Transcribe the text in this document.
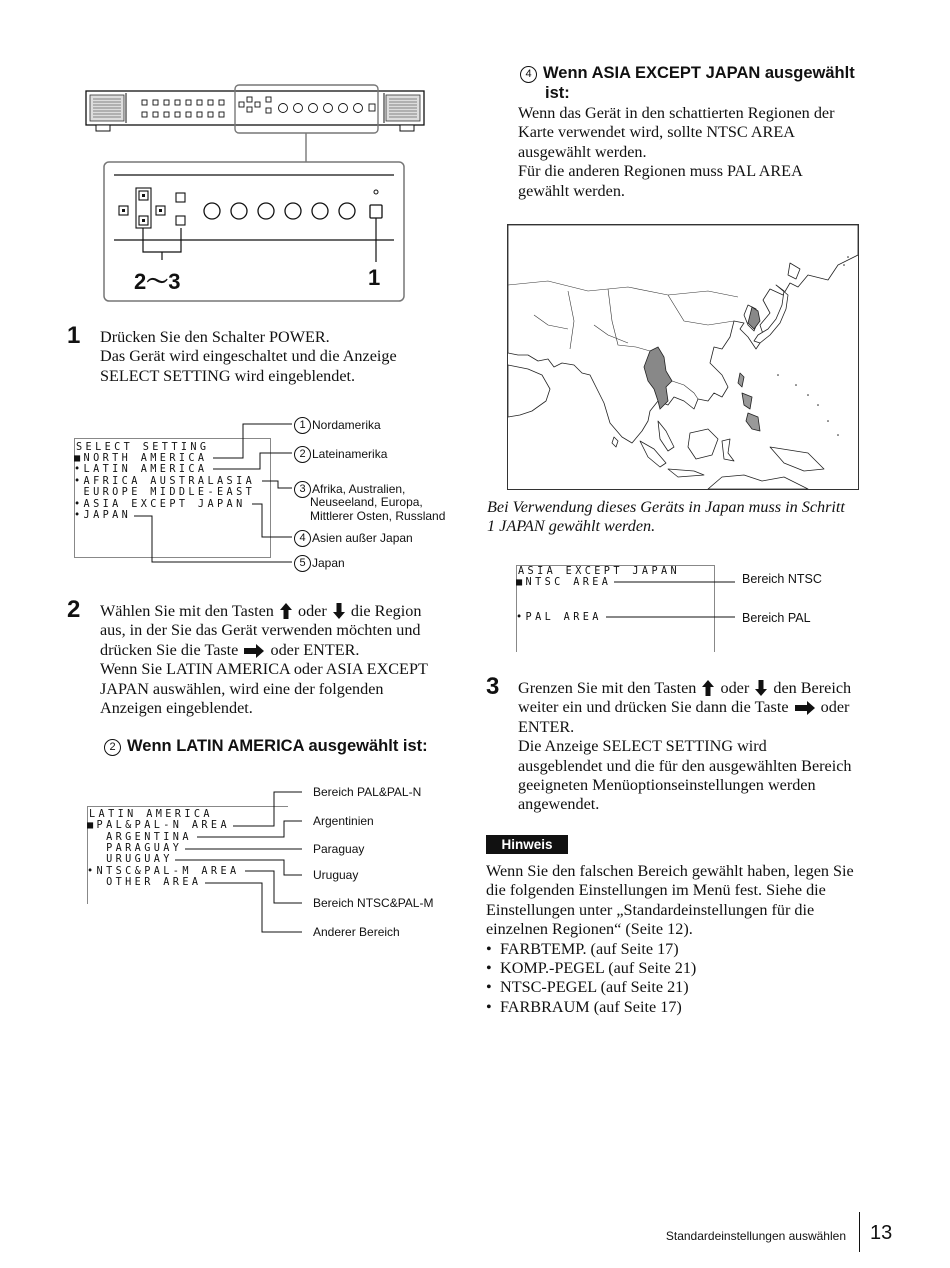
2～3	1
1 Drücken Sie den Schalter POWER.

Das Gerät wird eingeschaltet und die Anzeige

SELECT SETTING wird eingeblendet.

SELECT SETTING
■NORTH AMERICA
•LATIN AMERICA
•AFRICA AUSTRALASIA
EUROPE MIDDLE-EAST
•ASIA EXCEPT JAPAN
•JAPAN
1 Nordamerika
2 Lateinamerika
3 Afrika, Australien,
Neuseeland, Europa,
Mittlerer Osten, Russland
4 Asien außer Japan
5 Japan
2 Wählen Sie mit den Tasten oder die Region

aus, in der Sie das Gerät verwenden möchten und

drücken Sie die Taste oder ENTER.

Wenn Sie LATIN AMERICA oder ASIA EXCEPT

JAPAN auswählen, wird eine der folgenden

Anzeigen eingeblendet.

2 Wenn LATIN AMERICA ausgewählt ist:
LATIN AMERICA
■PAL&PAL-N AREA
ARGENTINA
PARAGUAY
URUGUAY
•NTSC&PAL-M AREA
OTHER AREA
Bereich PAL&PAL-N
Argentinien
Paraguay
Uruguay
Bereich NTSC&PAL-M
Anderer Bereich
4 Wenn ASIA EXCEPT JAPAN ausgewählt
ist:

Wenn das Gerät in den schattierten Regionen der

Karte verwendet wird, sollte NTSC AREA

ausgewählt werden.

Für die anderen Regionen muss PAL AREA

gewählt werden.

Bei Verwendung dieses Geräts in Japan muss in Schritt

1 JAPAN gewählt werden.

ASIA EXCEPT JAPAN
■NTSC AREA
•PAL AREA
Bereich NTSC
Bereich PAL
3 Grenzen Sie mit den Tasten oder den Bereich

weiter ein und drücken Sie dann die Taste oder

ENTER.

Die Anzeige SELECT SETTING wird

ausgeblendet und die für den ausgewählten Bereich

geeigneten Menüoptionseinstellungen werden

angewendet.

Hinweis

Wenn Sie den falschen Bereich gewählt haben, legen Sie

die folgenden Einstellungen im Menü fest. Siehe die

Einstellungen unter „Standardeinstellungen für die

einzelnen Regionen“ (Seite 12).

• FARBTEMP. (auf Seite 17)
• KOMP.-PEGEL (auf Seite 21)
• NTSC-PEGEL (auf Seite 21)
• FARBRAUM (auf Seite 17)
Standardeinstellungen auswählen 13
